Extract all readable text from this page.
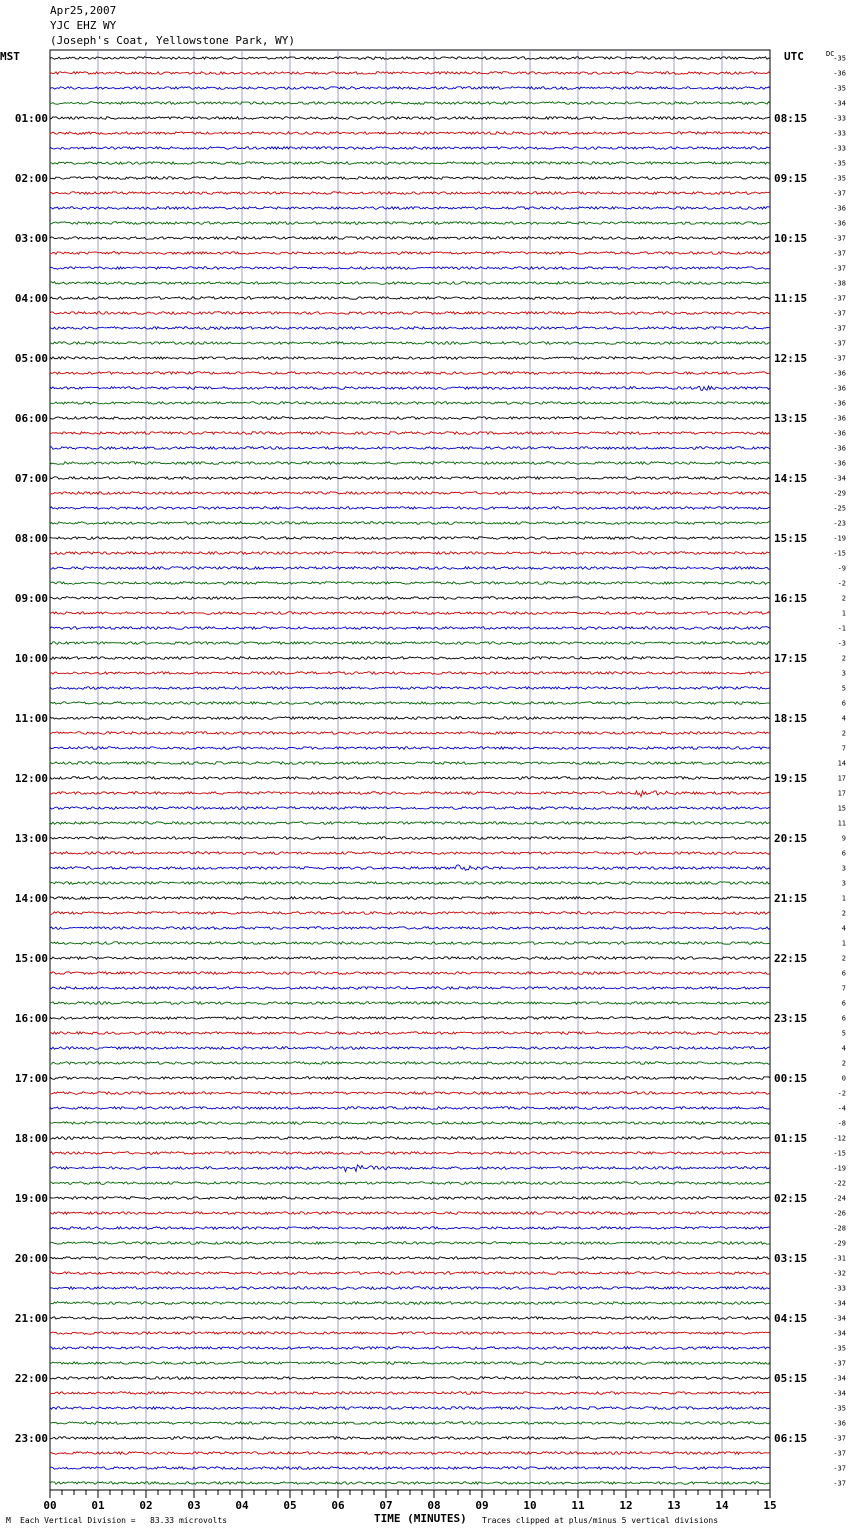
Apr25,2007
YJC EHZ WY
(Joseph's Coat, Yellowstone Park, WY)
MST	UTC	DC
-35
-36
-35
-34
-33
-33
-33
-35
-35
-37
-36
-36
-37
-37
-37
-38
-37
-37
-37
-37
-37
-36
-36
-36
-36
-36
-36
-36
-34
-29
-25
-23
-19
-15
-9
-2
2
1
-1
-3
2
3
5
6
4
2
7
14
17
17
15
11
9
6
3
3
1
2
4
1
2
6
7
6
6
5
4
2
0
-2
-4
-8
-12
-15
-19
-22
-24
-26
-28
-29
-31
-32
-33
-34
-34
-34
-35
-37
-34
-34
-35
-36
-37
-37
-37
-37
01:00	08:15
02:00	09:15
03:00	10:15
04:00	11:15
05:00	12:15
06:00	13:15
07:00	14:15
08:00	15:15
09:00	16:15
10:00	17:15
11:00	18:15
12:00	19:15
13:00	20:15
14:00	21:15
15:00	22:15
16:00	23:15
17:00	00:15
18:00	01:15
19:00	02:15
20:00	03:15
21:00	04:15
22:00	05:15
23:00	06:15
00	01	02	03	04	05	06	07	08	09	10	11	12	13	14	15
TIME (MINUTES)
M Each Vertical Division =   83.33 microvolts	Traces clipped at plus/minus 5 vertical divisions
